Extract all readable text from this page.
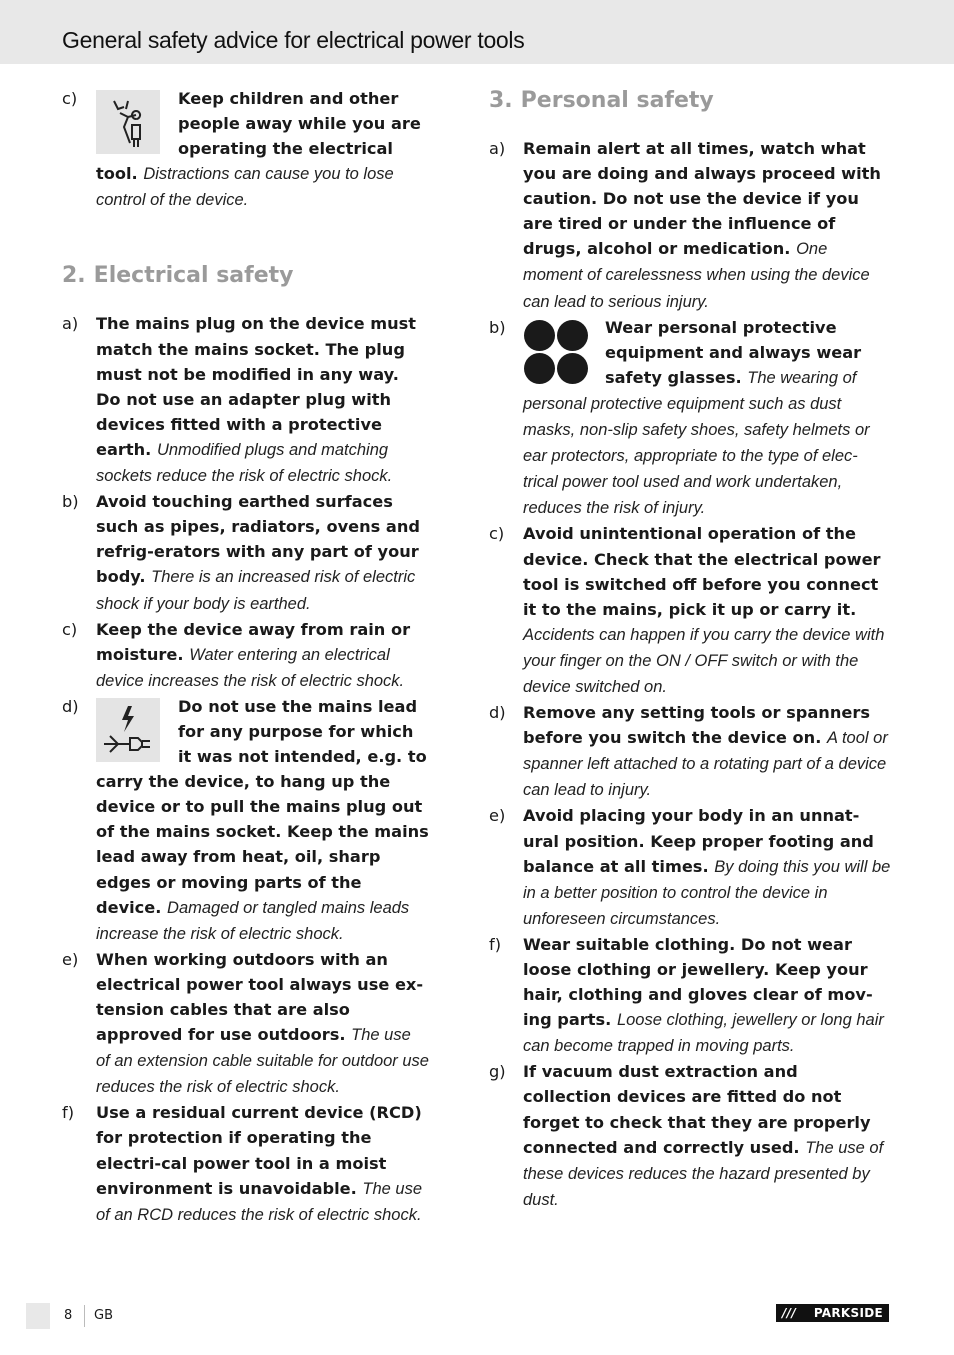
General safety advice for electrical power tools
c)	Keep children and other people away while you are operating the electrical tool. Distractions can cause you to lose control of the device.
2. Electrical safety
a) The mains plug on the device must match the mains socket. The plug must not be modified in any way. Do not use an adapter plug with devices fitted with a protective earth. Unmodified plugs and matching sockets reduce the risk of electric shock.
b) Avoid touching earthed surfaces such as pipes, radiators, ovens and refrig-erators with any part of your body. There is an increased risk of electric shock if your body is earthed.
c) Keep the device away from rain or moisture. Water entering an electrical device increases the risk of electric shock.
d)	Do not use the mains lead for any purpose for which it was not intended, e.g. to carry the device, to hang up the device or to pull the mains plug out of the mains socket. Keep the mains lead away from heat, oil, sharp edges or moving parts of the device. Damaged or tangled mains leads increase the risk of electric shock.
e) When working outdoors with an electrical power tool always use ex-tension cables that are also approved for use outdoors. The use of an extension cable suitable for outdoor use reduces the risk of electric shock.
f) Use a residual current device (RCD) for protection if operating the electri-cal power tool in a moist environment is unavoidable. The use of an RCD reduces the risk of electric shock.
3. Personal safety
a) Remain alert at all times, watch what you are doing and always proceed with caution. Do not use the device if you are tired or under the influence of drugs, alcohol or medication. One moment of carelessness when using the device can lead to serious injury.
b)	Wear personal protective equipment and always wear safety glasses. The wearing of personal protective equipment such as dust masks, non-slip safety shoes, safety helmets or ear protectors, appropriate to the type of elec-trical power tool used and work undertaken, reduces the risk of injury.
c) Avoid unintentional operation of the device. Check that the electrical power tool is switched off before you connect it to the mains, pick it up or carry it. Accidents can happen if you carry the device with your finger on the ON / OFF switch or with the device switched on.
d) Remove any setting tools or spanners before you switch the device on. A tool or spanner left attached to a rotating part of a device can lead to injury.
e) Avoid placing your body in an unnat-ural position. Keep proper footing and balance at all times. By doing this you will be in a better position to control the device in unforeseen circumstances.
f) Wear suitable clothing. Do not wear loose clothing or jewellery. Keep your hair, clothing and gloves clear of mov-ing parts. Loose clothing, jewellery or long hair can become trapped in moving parts.
g) If vacuum dust extraction and collection devices are fitted do not forget to check that they are properly connected and correctly used. The use of these devices reduces the hazard presented by dust.
8 GB	/// PARKSIDE
